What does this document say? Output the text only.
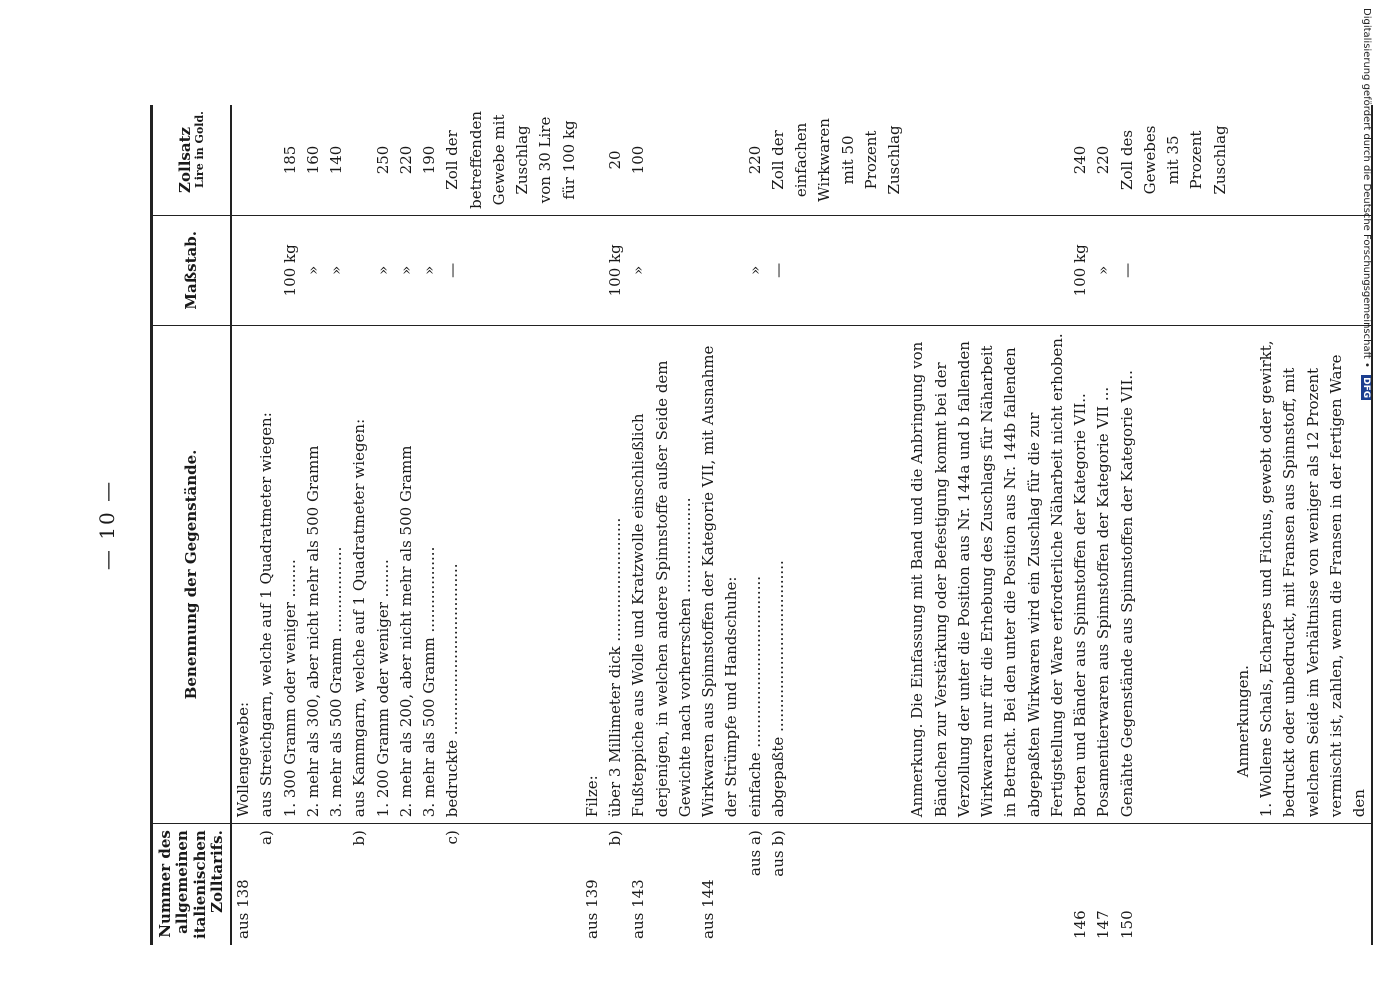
— 10 —
Nummer des allgemeinen italienischen Zolltarifs.	Benennung der Gegenstände.	Maßstab.	Zollsatz Lire in Gold.

aus 138	Wollengewebe:		
a)	aus Streichgarn, welche auf 1 Quadratmeter wiegen:		
	1. 300 Gramm oder weniger ........	100 kg	185
	2. mehr als 300, aber nicht mehr als 500 Gramm	»	160
	3. mehr als 500 Gramm ..................	»	140
b)	aus Kammgarn, welche auf 1 Quadratmeter wiegen:		
	1. 200 Gramm oder weniger ........	»	250
	2. mehr als 200, aber nicht mehr als 500 Gramm	»	220
	3. mehr als 500 Gramm ..................	»	190
c)	bedruckte ....................................	—	Zoll der betreffenden Gewebe mit Zuschlag von 30 Lire für 100 kg
aus 139	Filze:		
b)	über 3 Millimeter dick ..........................	100 kg	20
aus 143	Fußteppiche aus Wolle und Kratzwolle einschließlich derjenigen, in welchen andere Spinnstoffe außer Seide dem Gewichte nach vorherrschen ....................	»	100
aus 144	Wirkwaren aus Spinnstoffen der Kategorie VII, mit Ausnahme der Strümpfe und Handschuhe:		
aus a)	einfache ....................................	»	220
aus b)	abgepaßte ....................................	—	Zoll der einfachen Wirkwaren mit 50 Prozent Zuschlag
	Anmerkung. Die Einfassung mit Band und die Anbringung von Bändchen zur Verstärkung oder Befestigung kommt bei der Verzollung der unter die Position aus Nr. 144a und b fallenden Wirkwaren nur für die Erhebung des Zuschlags für Näharbeit in Betracht. Bei den unter die Position aus Nr. 144b fallenden abgepaßten Wirkwaren wird ein Zuschlag für die zur Fertigstellung der Ware erforderliche Näharbeit nicht erhoben.		
146	Borten und Bänder aus Spinnstoffen der Kategorie VII..	100 kg	240
147	Posamentierwaren aus Spinnstoffen der Kategorie VII ...	»	220
150	Genähte Gegenstände aus Spinnstoffen der Kategorie VII..	—	Zoll des Gewebes mit 35 Prozent Zuschlag

	Anmerkungen. 1. Wollene Schals, Echarpes und Fichus, gewebt oder gewirkt, bedruckt oder unbedruckt, mit Fransen aus Spinnstoff, mit welchem Seide im Verhältnisse von weniger als 12 Prozent vermischt ist, zahlen, wenn die Fransen in der fertigen Ware den		

Digitalisierung gefördert durch die Deutsche Forschungsgemeinschaft • DFG
